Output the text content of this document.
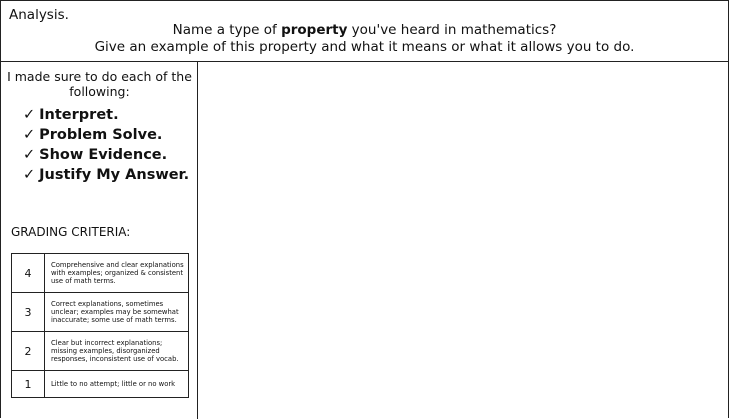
Analysis.
Name a type of property you've heard in mathematics?
Give an example of this property and what it means or what it allows you to do.
I made sure to do each of the following:
✓ Interpret.
✓ Problem Solve.
✓ Show Evidence.
✓ Justify My Answer.
GRADING CRITERIA:
4	Comprehensive and clear explanations with examples; organized & consistent use of math terms.
3	Correct explanations, sometimes unclear; examples may be somewhat inaccurate; some use of math terms.
2	Clear but incorrect explanations; missing examples, disorganized responses, inconsistent use of vocab.
1	Little to no attempt; little or no work
